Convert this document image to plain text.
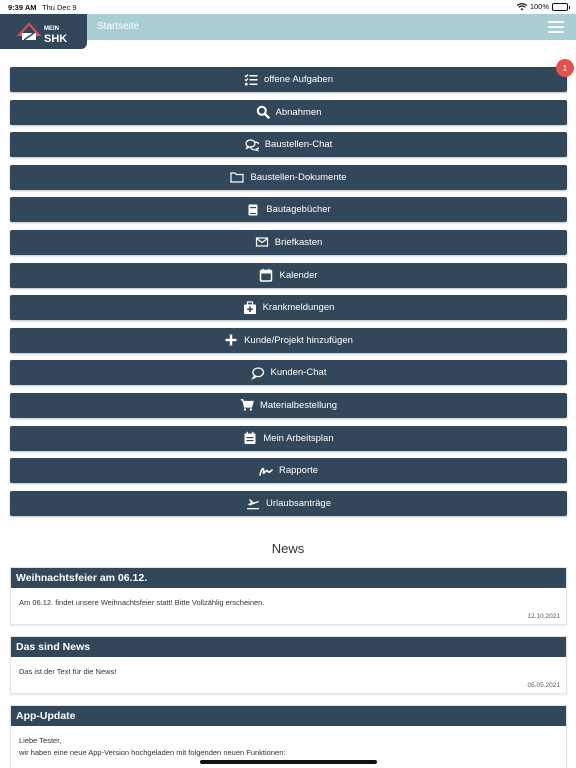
9:39 AM Thu Dec 9	100%
Startseite
MEIN
SHK
offene Aufgaben
1
Abnahmen
Baustellen-Chat
Baustellen-Dokumente
Bautagebücher
Briefkasten
Kalender
Krankmeldungen
Kunde/Projekt hinzufügen
Kunden-Chat
Materialbestellung
Mein Arbeitsplan
Rapporte
Urlaubsanträge
News
Weihnachtsfeier am 06.12.
Am 06.12. findet unsere Weihnachtsfeier statt! Bitte Vollzählig erscheinen.
12.10.2021
Das sind News
Das ist der Text für die News!
05.05.2021
App-Update
Liebe Tester,
wir haben eine neue App-Version hochgeladen mit folgenden neuen Funktionen:
